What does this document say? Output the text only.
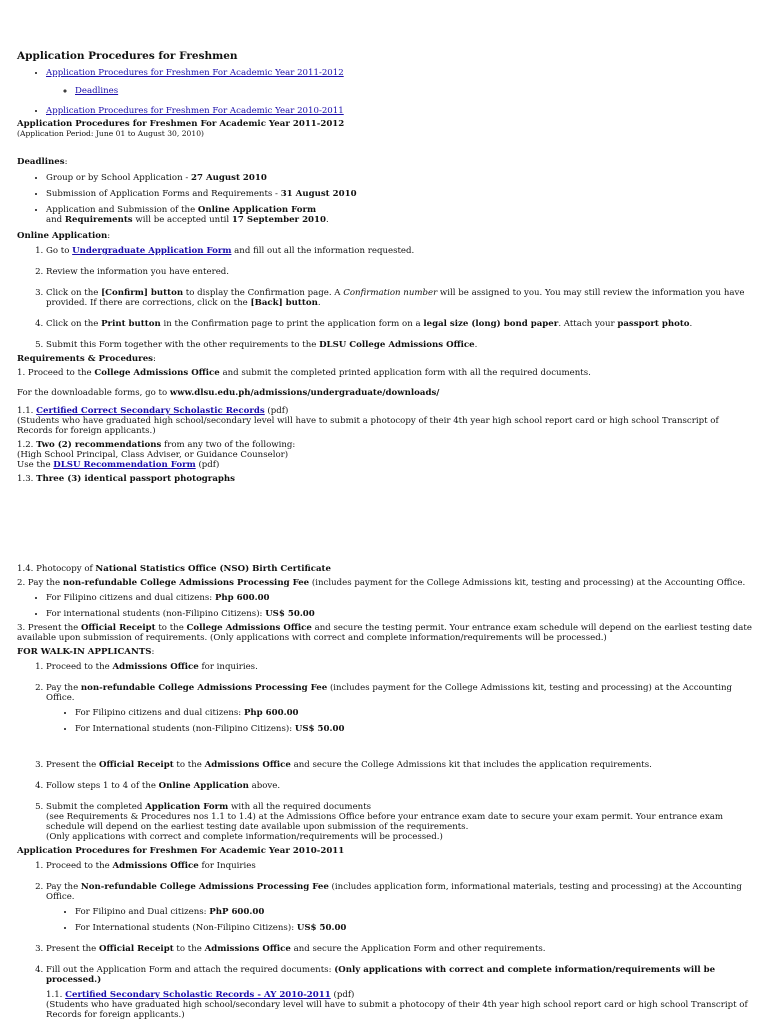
Application Procedures for Freshmen
• Application Procedures for Freshmen For Academic Year 2011-2012
◦ Deadlines
• Application Procedures for Freshmen For Academic Year 2010-2011

Application Procedures for Freshmen For Academic Year 2011-2012

(Application Period: June 01 to August 30, 2010)

Deadlines:

• Group or by School Application - 27 August 2010
• Submission of Application Forms and Requirements - 31 August 2010
• Application and Submission of the Online Application Form
and Requirements will be accepted until 17 September 2010.

Online Application:

1. Go to Undergraduate Application Form and fill out all the information requested.
2. Review the information you have entered.
3. Click on the [Confirm] button to display the Confirmation page. A Confirmation number will be assigned to you. You may still review the information you have provided. If there are corrections, click on the [Back] button.
4. Click on the Print button in the Confirmation page to print the application form on a legal size (long) bond paper. Attach your passport photo.
5. Submit this Form together with the other requirements to the DLSU College Admissions Office.

Requirements & Procedures:

1. Proceed to the College Admissions Office and submit the completed printed application form with all the required documents.

For the downloadable forms, go to www.dlsu.edu.ph/admissions/undergraduate/downloads/

1.1. Certified Correct Secondary Scholastic Records (pdf)

(Students who have graduated high school/secondary level will have to submit a photocopy of their 4th year high school report card or high school Transcript of Records for foreign applicants.)

1.2. Two (2) recommendations from any two of the following:

(High School Principal, Class Adviser, or Guidance Counselor)

Use the DLSU Recommendation Form (pdf)

1.3. Three (3) identical passport photographs

1.4. Photocopy of National Statistics Office (NSO) Birth Certificate

2. Pay the non-refundable College Admissions Processing Fee (includes payment for the College Admissions kit, testing and processing) at the Accounting Office.

• For Filipino citizens and dual citizens: Php 600.00
• For international students (non-Filipino Citizens): US$ 50.00

3. Present the Official Receipt to the College Admissions Office and secure the testing permit. Your entrance exam schedule will depend on the earliest testing date available upon submission of requirements. (Only applications with correct and complete information/requirements will be processed.)

FOR WALK-IN APPLICANTS:

1. Proceed to the Admissions Office for inquiries.
2. Pay the non-refundable College Admissions Processing Fee (includes payment for the College Admissions kit, testing and processing) at the Accounting Office.
• For Filipino citizens and dual citizens: Php 600.00
• For International students (non-Filipino Citizens): US$ 50.00
3. Present the Official Receipt to the Admissions Office and secure the College Admissions kit that includes the application requirements.
4. Follow steps 1 to 4 of the Online Application above.
5. Submit the completed Application Form with all the required documents
(see Requirements & Procedures nos 1.1 to 1.4) at the Admissions Office before your entrance exam date to secure your exam permit. Your entrance exam schedule will depend on the earliest testing date available upon submission of the requirements.
(Only applications with correct and complete information/requirements will be processed.)

Application Procedures for Freshmen For Academic Year 2010-2011

1. Proceed to the Admissions Office for Inquiries
2. Pay the Non-refundable College Admissions Processing Fee (includes application form, informational materials, testing and processing) at the Accounting Office.
• For Filipino and Dual citizens: PhP 600.00
• For International students (Non-Filipino Citizens): US$ 50.00
3. Present the Official Receipt to the Admissions Office and secure the Application Form and other requirements.
4. Fill out the Application Form and attach the required documents: (Only applications with correct and complete information/requirements will be processed.)
1.1. Certified Secondary Scholastic Records - AY 2010-2011 (pdf)
(Students who have graduated high school/secondary level will have to submit a photocopy of their 4th year high school report card or high school Transcript of Records for foreign applicants.)
